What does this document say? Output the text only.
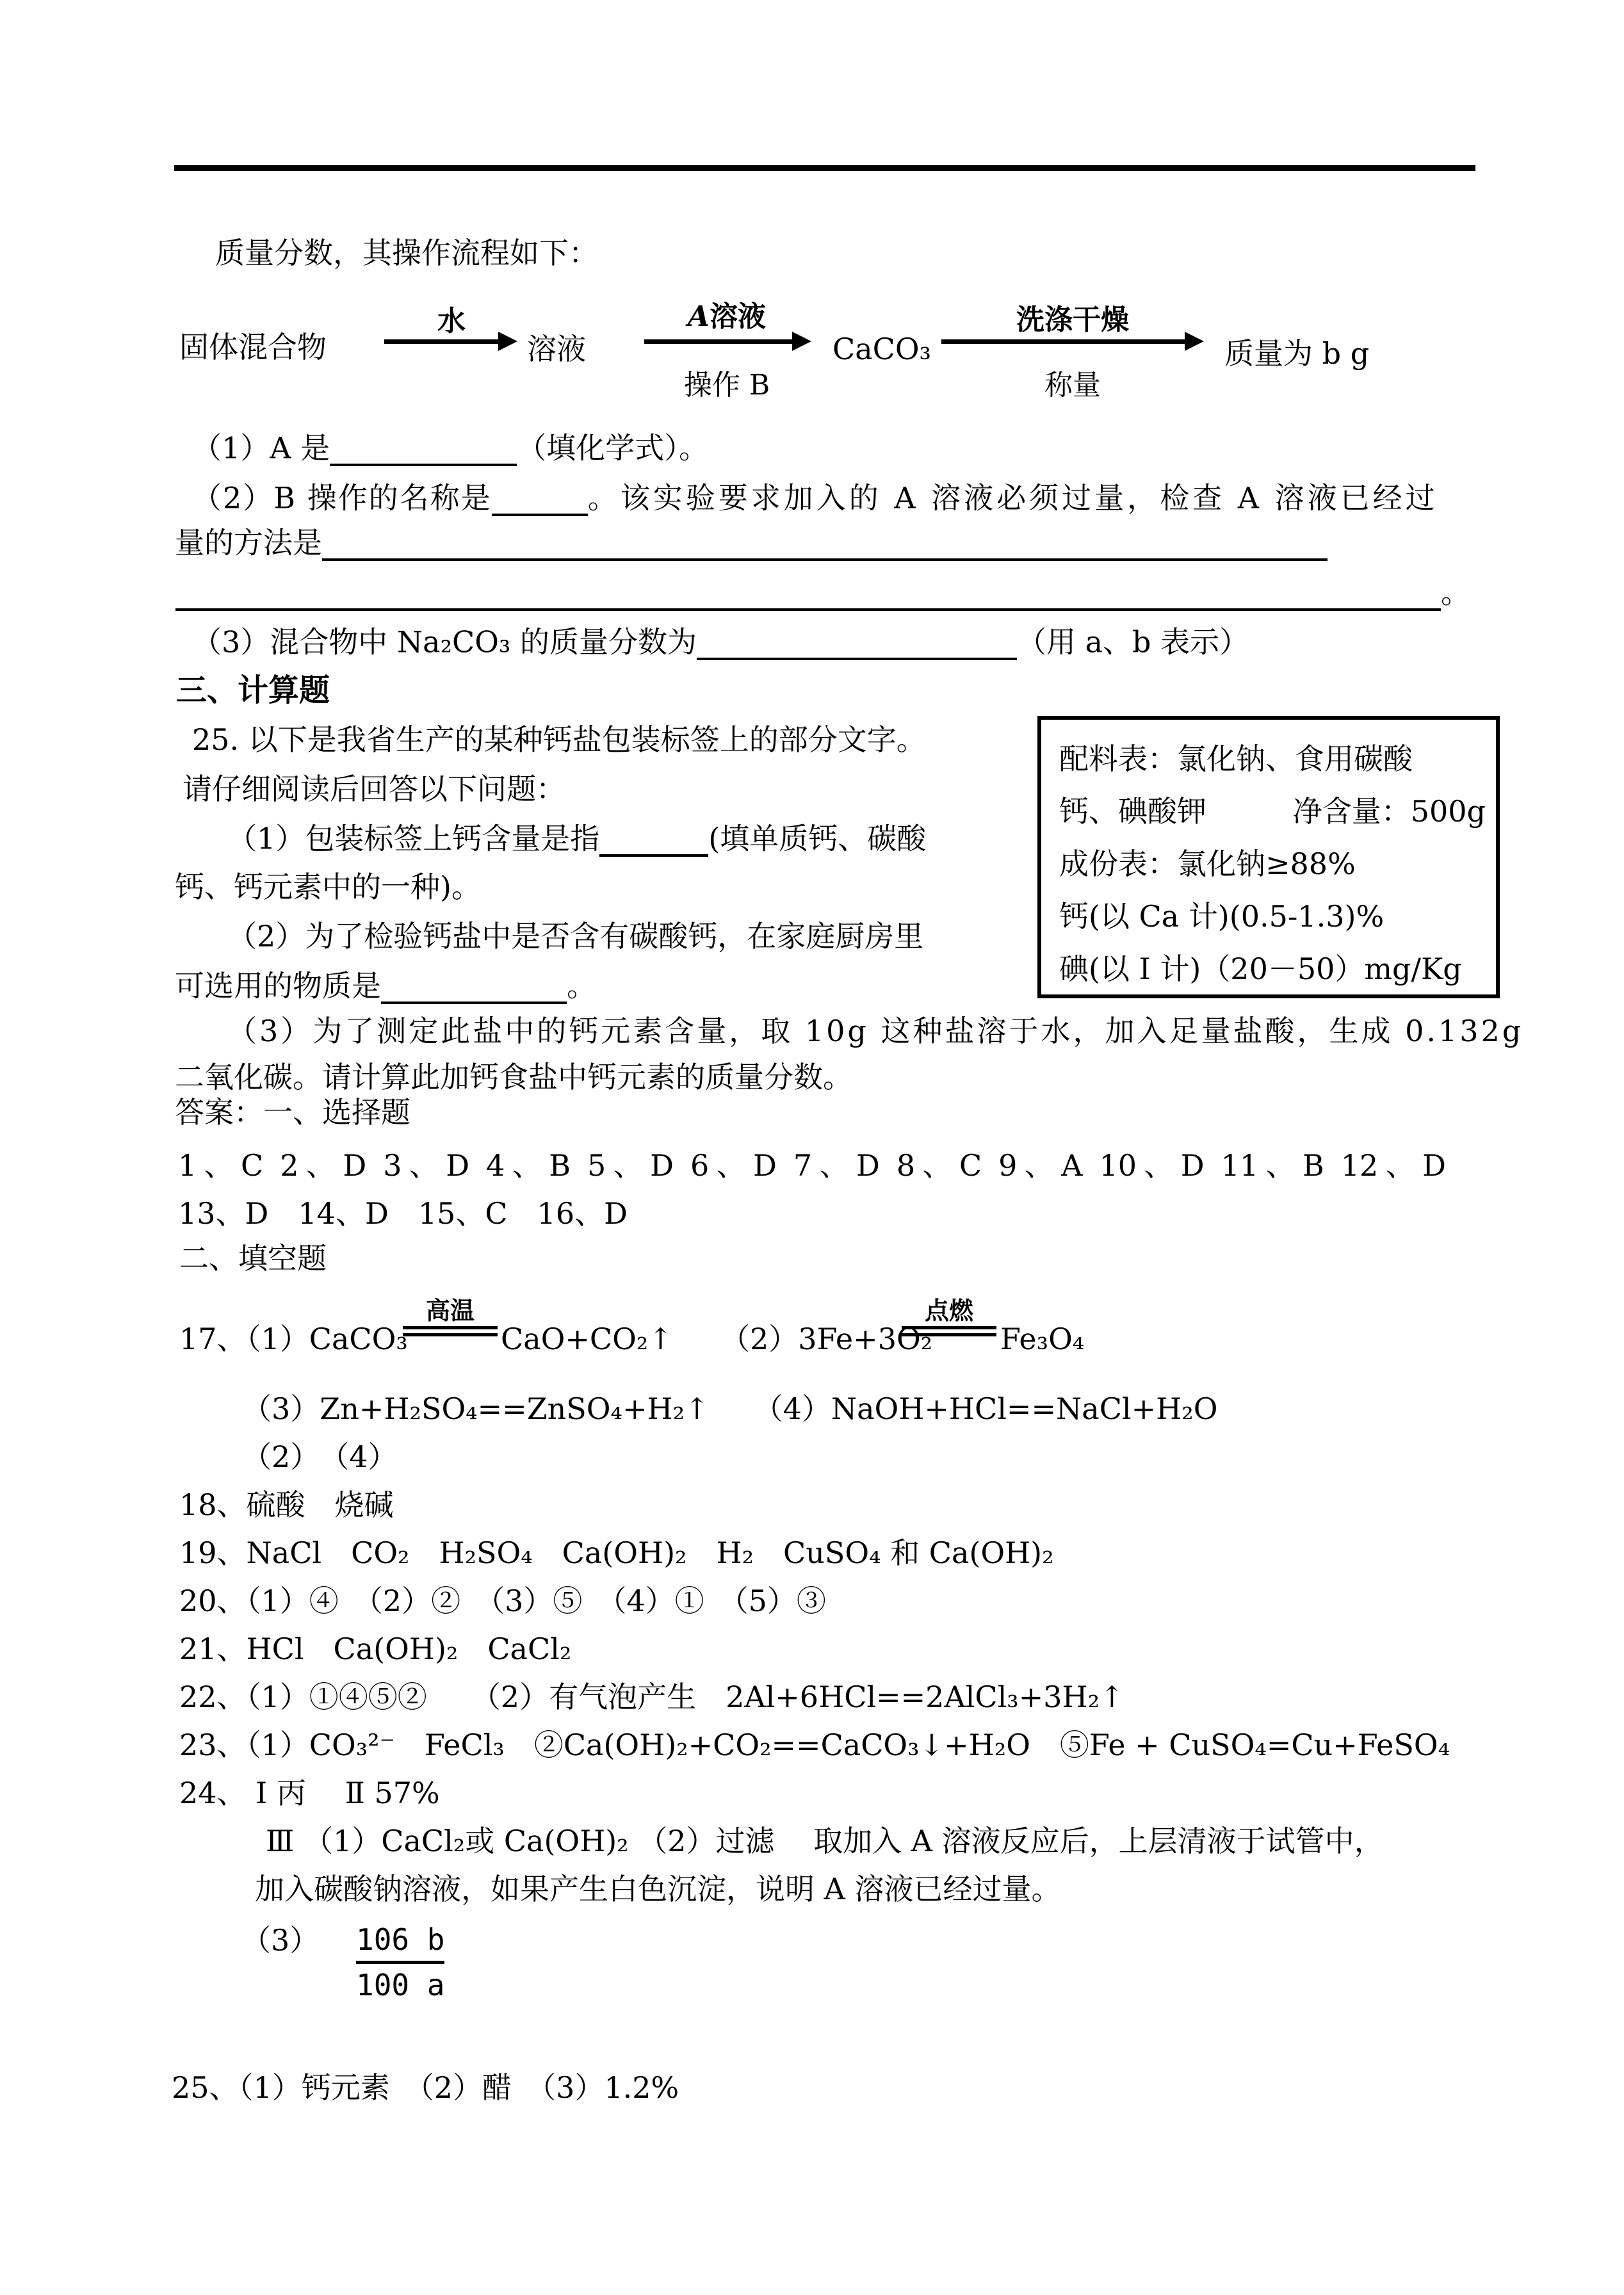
质量分数，其操作流程如下：
固体混合物
水
溶液
A溶液
操作 B
CaCO₃
洗涤干燥
称量
质量为 b g
（1）A 是	（填化学式）。
（2）B 操作的名称是	。该实验要求加入的 A 溶液必须过量，检查 A 溶液已经过
量的方法是
。
（3）混合物中 Na₂CO₃ 的质量分数为	（用 a、b 表示）
三、计算题
25. 以下是我省生产的某种钙盐包装标签上的部分文字。
请仔细阅读后回答以下问题：
（1）包装标签上钙含量是指	(填单质钙、碳酸
钙、钙元素中的一种)。
（2）为了检验钙盐中是否含有碳酸钙，在家庭厨房里
可选用的物质是	。
（3）为了测定此盐中的钙元素含量，取 10g 这种盐溶于水，加入足量盐酸，生成 0.132g
二氧化碳。请计算此加钙食盐中钙元素的质量分数。
配料表：氯化钠、食用碳酸
钙、碘酸钾	净含量：500g
成份表：氯化钠≥88%
钙(以 Ca 计)(0.5-1.3)%
碘(以 I 计)（20－50）mg/Kg
答案：一、选择题
1、C 2、D 3、D 4、B 5、D 6、D 7、D 8、C 9、A 10、D 11、B 12、D
13、D　14、D　15、C　16、D
二、填空题
17、（1）CaCO₃
高温
CaO+CO₂↑ （2）3Fe+3O₂
点燃
Fe₃O₄
（3）Zn+H₂SO₄==ZnSO₄+H₂↑　　（4）NaOH+HCl==NaCl+H₂O
（2）　（4）
18、硫酸　烧碱
19、NaCl　CO₂　H₂SO₄　Ca(OH)₂　H₂　CuSO₄ 和 Ca(OH)₂
20、（1）④　（2）②　（3）⑤　（4）①　（5）③
21、HCl　Ca(OH)₂　CaCl₂
22、（1）①④⑤②　　（2）有气泡产生　2Al+6HCl==2AlCl₃+3H₂↑
23、（1）CO₃²⁻　FeCl₃　②Ca(OH)₂+CO₂==CaCO₃↓+H₂O　⑤Fe + CuSO₄=Cu+FeSO₄
24、 Ⅰ 丙　 Ⅱ 57%
Ⅲ （1）CaCl₂或 Ca(OH)₂ （2）过滤　 取加入 A 溶液反应后，上层清液于试管中，
加入碳酸钠溶液，如果产生白色沉淀，说明 A 溶液已经过量。
（3） 106 b
100 a
25、（1）钙元素　（2）醋　（3）1.2%
